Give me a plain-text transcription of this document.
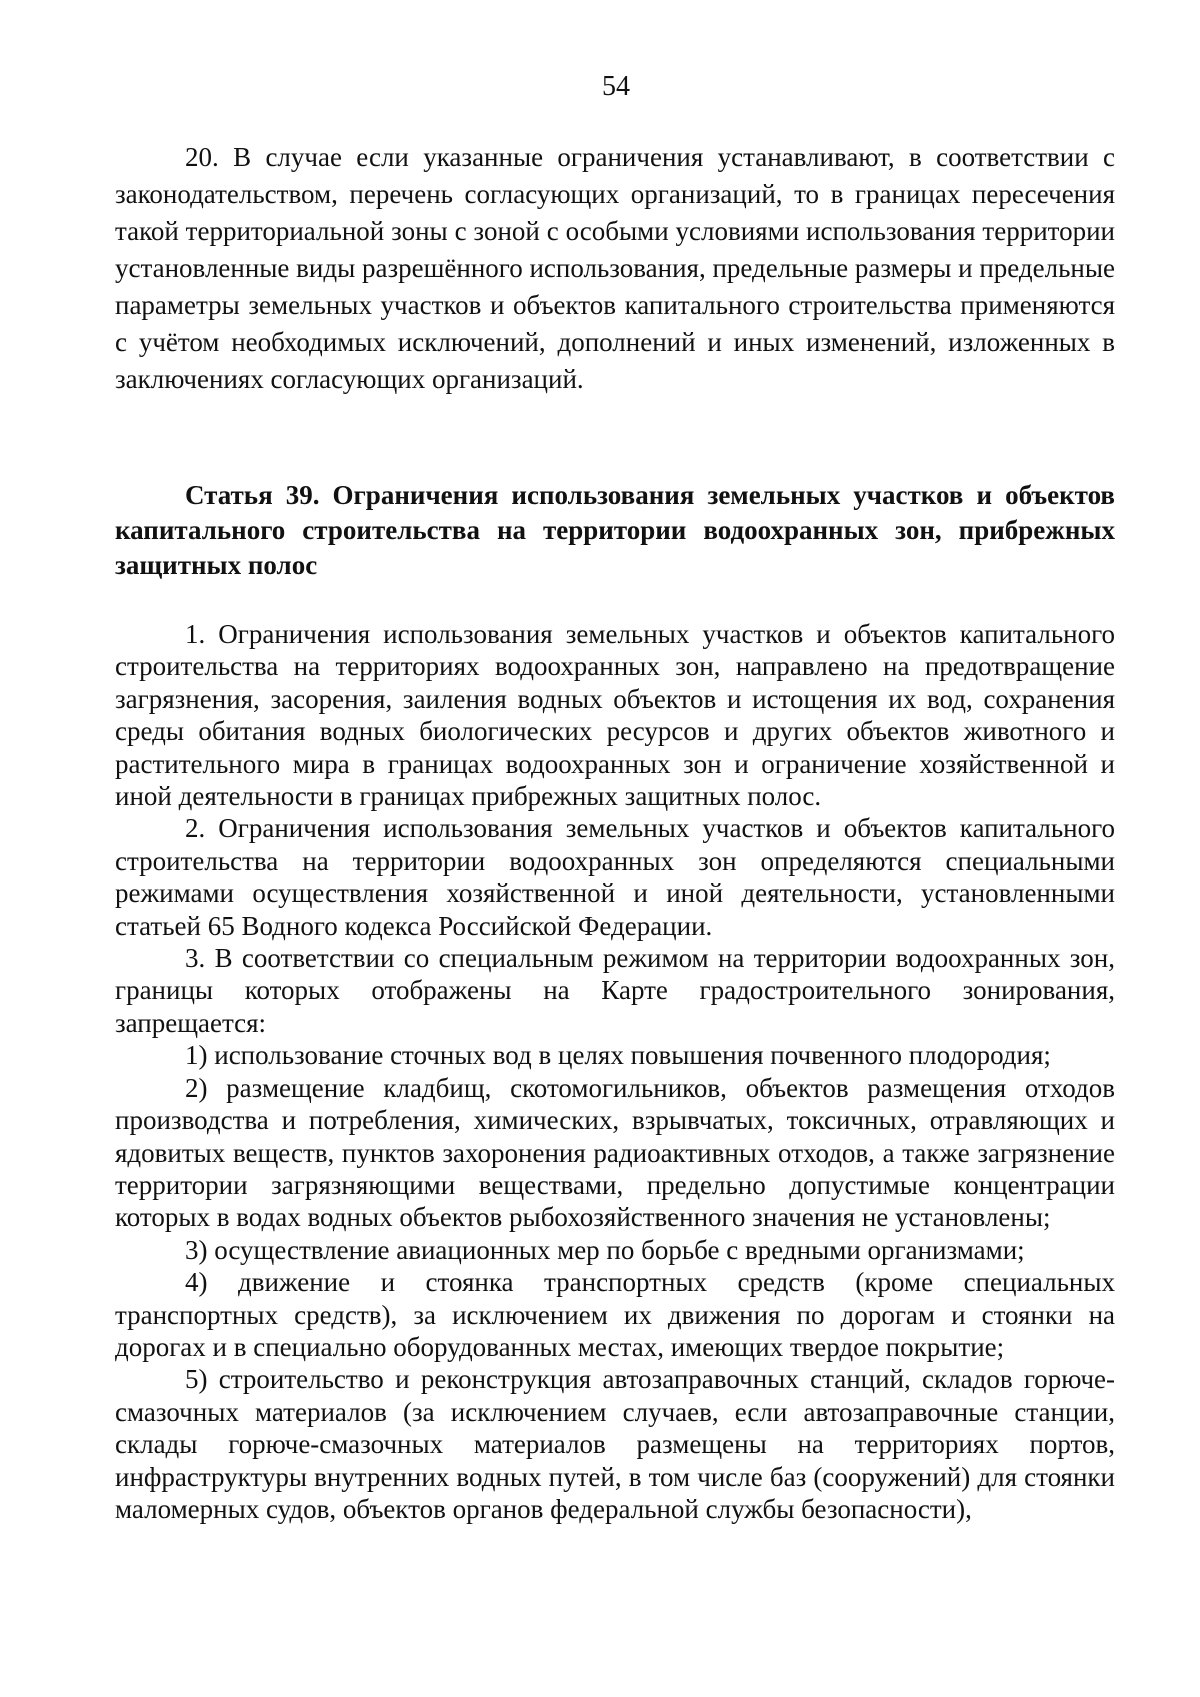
54

20. В случае если указанные ограничения устанавливают, в соответствии с законодательством, перечень согласующих организаций, то в границах пересечения такой территориальной зоны с зоной с особыми условиями использования территории установленные виды разрешённого использования, предельные размеры и предельные параметры земельных участков и объектов капитального строительства применяются с учётом необходимых исключений, дополнений и иных изменений, изложенных в заключениях согласующих организаций.

Статья 39. Ограничения использования земельных участков и объектов капитального строительства на территории водоохранных зон, прибрежных защитных полос

1. Ограничения использования земельных участков и объектов капитального строительства на территориях водоохранных зон, направлено на предотвращение загрязнения, засорения, заиления водных объектов и истощения их вод, сохранения среды обитания водных биологических ресурсов и других объектов животного и растительного мира в границах водоохранных зон и ограничение хозяйственной и иной деятельности в границах прибрежных защитных полос.

2. Ограничения использования земельных участков и объектов капитального строительства на территории водоохранных зон определяются специальными режимами осуществления хозяйственной и иной деятельности, установленными статьей 65 Водного кодекса Российской Федерации.

3. В соответствии со специальным режимом на территории водоохранных зон, границы которых отображены на Карте градостроительного зонирования, запрещается:

1) использование сточных вод в целях повышения почвенного плодородия;

2) размещение кладбищ, скотомогильников, объектов размещения отходов производства и потребления, химических, взрывчатых, токсичных, отравляющих и ядовитых веществ, пунктов захоронения радиоактивных отходов, а также загрязнение территории загрязняющими веществами, предельно допустимые концентрации которых в водах водных объектов рыбохозяйственного значения не установлены;

3) осуществление авиационных мер по борьбе с вредными организмами;

4) движение и стоянка транспортных средств (кроме специальных транспортных средств), за исключением их движения по дорогам и стоянки на дорогах и в специально оборудованных местах, имеющих твердое покрытие;

5) строительство и реконструкция автозаправочных станций, складов горюче-смазочных материалов (за исключением случаев, если автозаправочные станции, склады горюче-смазочных материалов размещены на территориях портов, инфраструктуры внутренних водных путей, в том числе баз (сооружений) для стоянки маломерных судов, объектов органов федеральной службы безопасности),
